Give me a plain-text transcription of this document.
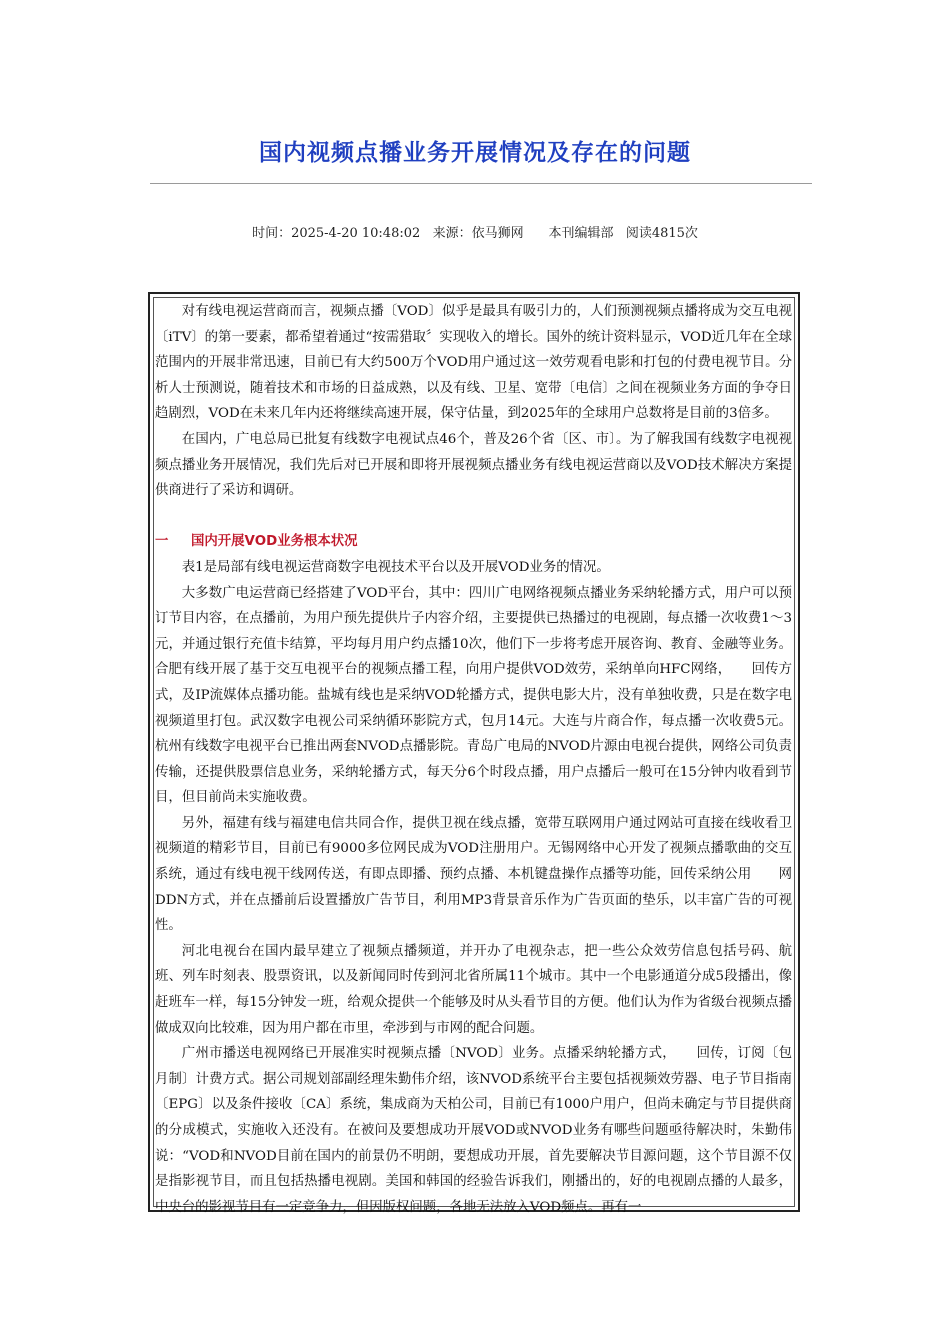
国内视频点播业务开展情况及存在的问题
时间：2025-4-20 10:48:02   来源：依马狮网      本刊编辑部   阅读4815次

对有线电视运营商而言，视频点播〔VOD〕似乎是最具有吸引力的，人们预测视频点播将成为交互电视〔iTV〕的第一要素，都希望着通过“按需猎取〞实现收入的增长。国外的统计资料显示，VOD近几年在全球范围内的开展非常迅速，目前已有大约500万个VOD用户通过这一效劳观看电影和打包的付费电视节目。分析人士预测说，随着技术和市场的日益成熟，以及有线、卫星、宽带〔电信〕之间在视频业务方面的争夺日趋剧烈，VOD在未来几年内还将继续高速开展，保守估量，到2025年的全球用户总数将是目前的3倍多。

在国内，广电总局已批复有线数字电视试点46个，普及26个省〔区、市〕。为了解我国有线数字电视视频点播业务开展情况，我们先后对已开展和即将开展视频点播业务有线电视运营商以及VOD技术解决方案提供商进行了采访和调研。

一 国内开展VOD业务根本状况

表1是局部有线电视运营商数字电视技术平台以及开展VOD业务的情况。

大多数广电运营商已经搭建了VOD平台，其中：四川广电网络视频点播业务采纳轮播方式，用户可以预订节目内容，在点播前，为用户预先提供片子内容介绍，主要提供已热播过的电视剧，每点播一次收费1～3元，并通过银行充值卡结算，平均每月用户约点播10次，他们下一步将考虑开展咨询、教育、金融等业务。合肥有线开展了基于交互电视平台的视频点播工程，向用户提供VOD效劳，采纳单向HFC网络，　　回传方式，及IP流媒体点播功能。盐城有线也是采纳VOD轮播方式，提供电影大片，没有单独收费，只是在数字电视频道里打包。武汉数字电视公司采纳循环影院方式，包月14元。大连与片商合作，每点播一次收费5元。杭州有线数字电视平台已推出两套NVOD点播影院。青岛广电局的NVOD片源由电视台提供，网络公司负责传输，还提供股票信息业务，采纳轮播方式，每天分6个时段点播，用户点播后一般可在15分钟内收看到节目，但目前尚未实施收费。

另外，福建有线与福建电信共同合作，提供卫视在线点播，宽带互联网用户通过网站可直接在线收看卫视频道的精彩节目，目前已有9000多位网民成为VOD注册用户。无锡网络中心开发了视频点播歌曲的交互系统，通过有线电视干线网传送，有即点即播、预约点播、本机键盘操作点播等功能，回传采纳公用　　网DDN方式，并在点播前后设置播放广告节目，利用MP3背景音乐作为广告页面的垫乐，以丰富广告的可视性。

河北电视台在国内最早建立了视频点播频道，并开办了电视杂志，把一些公众效劳信息包括号码、航班、列车时刻表、股票资讯，以及新闻同时传到河北省所属11个城市。其中一个电影通道分成5段播出，像赶班车一样，每15分钟发一班，给观众提供一个能够及时从头看节目的方便。他们认为作为省级台视频点播做成双向比较难，因为用户都在市里，牵涉到与市网的配合问题。

广州市播送电视网络已开展准实时视频点播〔NVOD〕业务。点播采纳轮播方式，　　回传，订阅〔包月制〕计费方式。据公司规划部副经理朱勤伟介绍，该NVOD系统平台主要包括视频效劳器、电子节目指南〔EPG〕以及条件接收〔CA〕系统，集成商为天柏公司，目前已有1000户用户，但尚未确定与节目提供商的分成模式，实施收入还没有。在被问及要想成功开展VOD或NVOD业务有哪些问题亟待解决时，朱勤伟说：“VOD和NVOD目前在国内的前景仍不明朗，要想成功开展，首先要解决节目源问题，这个节目源不仅是指影视节目，而且包括热播电视剧。美国和韩国的经验告诉我们，刚播出的，好的电视剧点播的人最多，中央台的影视节目有一定竞争力，但因版权问题，各地无法放入VOD频点。再有一
